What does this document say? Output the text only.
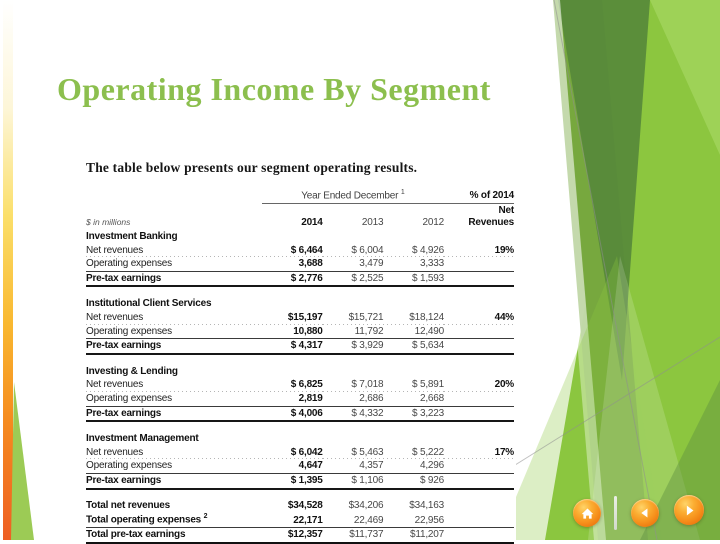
Operating Income By Segment

The table below presents our segment operating results.

	Year Ended December $^1$			% of 2014
$ in millions	2014	2013	2012	Net
Revenues

Investment Banking				
Net revenues	$ 6,464	$ 6,004	$ 4,926	19%
Operating expenses	3,688	3,479	3,333	
Pre-tax earnings	$ 2,776	$ 2,525	$ 1,593	

Institutional Client Services				
Net revenues	$15,197	$15,721	$18,124	44%
Operating expenses	10,880	11,792	12,490	
Pre-tax earnings	$ 4,317	$ 3,929	$ 5,634	

Investing & Lending				
Net revenues	$ 6,825	$ 7,018	$ 5,891	20%
Operating expenses	2,819	2,686	2,668	
Pre-tax earnings	$ 4,006	$ 4,332	$ 3,223	

Investment Management				
Net revenues	$ 6,042	$ 5,463	$ 5,222	17%
Operating expenses	4,647	4,357	4,296	
Pre-tax earnings	$ 1,395	$ 1,106	$ 926	

Total net revenues	$34,528	$34,206	$34,163	
Total operating expenses $^2$	22,171	22,469	22,956	
Total pre-tax earnings	$12,357	$11,737	$11,207	
